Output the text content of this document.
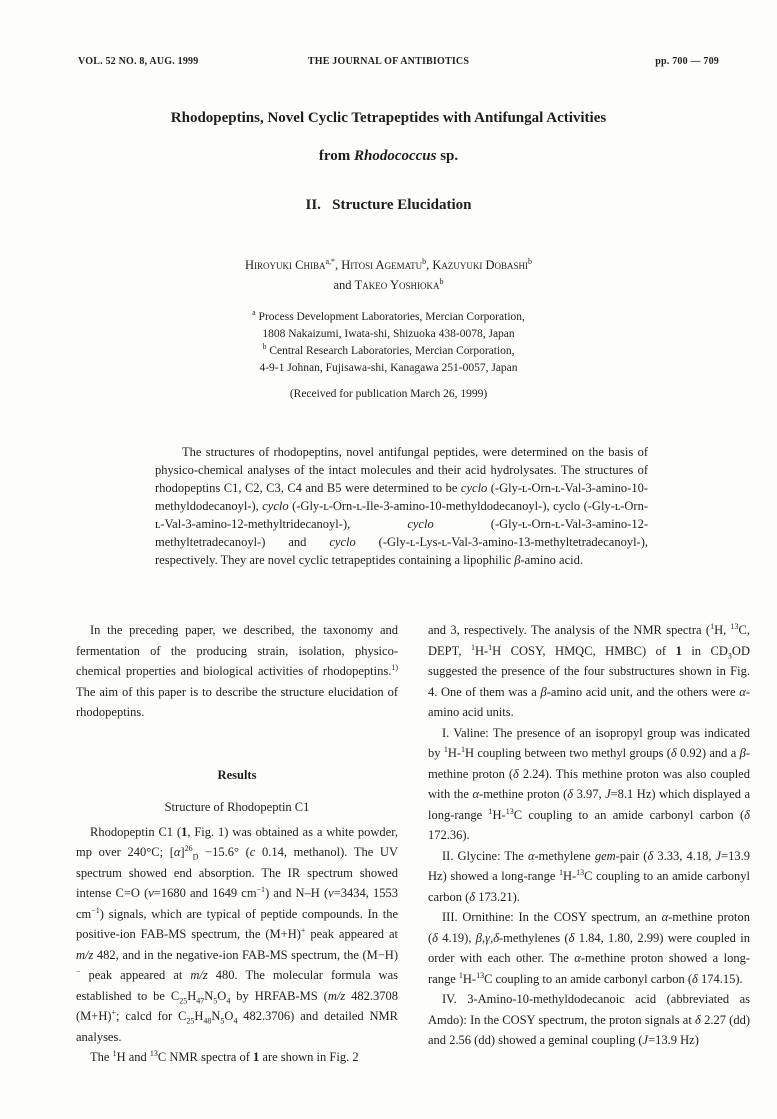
VOL. 52 NO. 8, AUG. 1999	THE JOURNAL OF ANTIBIOTICS	pp. 700 — 709
Rhodopeptins, Novel Cyclic Tetrapeptides with Antifungal Activities
from Rhodococcus sp.
II.   Structure Elucidation
Hiroyuki Chiba$^{a,*}$, Hitosi Agematu$^b$, Kazuyuki Dobashi$^b$
and Takeo Yoshioka$^b$
$^a$ Process Development Laboratories, Mercian Corporation,
1808 Nakaizumi, Iwata-shi, Shizuoka 438-0078, Japan
$^b$ Central Research Laboratories, Mercian Corporation,
4-9-1 Johnan, Fujisawa-shi, Kanagawa 251-0057, Japan
(Received for publication March 26, 1999)

The structures of rhodopeptins, novel antifungal peptides, were determined on the basis of physico-chemical analyses of the intact molecules and their acid hydrolysates. The structures of rhodopeptins C1, C2, C3, C4 and B5 were determined to be cyclo (-Gly-ʟ-Orn-ʟ-Val-3-amino-10-methyldodecanoyl-), cyclo (-Gly-ʟ-Orn-ʟ-Ile-3-amino-10-methyldodecanoyl-), cyclo (-Gly-ʟ-Orn-ʟ-Val-3-amino-12-methyltridecanoyl-), cyclo (-Gly-ʟ-Orn-ʟ-Val-3-amino-12-methyltetradecanoyl-) and cyclo (-Gly-ʟ-Lys-ʟ-Val-3-amino-13-methyltetradecanoyl-), respectively. They are novel cyclic tetrapeptides containing a lipophilic β-amino acid.

In the preceding paper, we described, the taxonomy and fermentation of the producing strain, isolation, physico-chemical properties and biological activities of rhodopeptins.$^{1)}$ The aim of this paper is to describe the structure elucidation of rhodopeptins.

Results

Structure of Rhodopeptin C1

Rhodopeptin C1 (1, Fig. 1) was obtained as a white powder, mp over 240°C; $[\alpha]^{26}_D -15.6^\circ$ (c 0.14, methanol). The UV spectrum showed end absorption. The IR spectrum showed intense C=O (ν=1680 and 1649 $cm^{-1}$) and N–H (ν=3434, 1553 $cm^{-1}$) signals, which are typical of peptide compounds. In the positive-ion FAB-MS spectrum, the (M+H)+ peak appeared at m/z 482, and in the negative-ion FAB-MS spectrum, the (M−H)− peak appeared at m/z 480. The molecular formula was established to be $C_{25}H_{47}N_5O_4$ by HRFAB-MS (m/z 482.3708 (M+H)+; calcd for $C_{25}H_{48}N_5O_4$ 482.3706) and detailed NMR analyses.

The $^1$H and $^{13}$C NMR spectra of 1 are shown in Fig. 2

and 3, respectively. The analysis of the NMR spectra ($^1$H, $^{13}$C, DEPT, $^1$H-$^1$H COSY, HMQC, HMBC) of 1 in $CD_3OD$ suggested the presence of the four substructures shown in Fig. 4. One of them was a β-amino acid unit, and the others were α-amino acid units.

I. Valine: The presence of an isopropyl group was indicated by $^1$H-$^1$H coupling between two methyl groups (δ 0.92) and a β-methine proton (δ 2.24). This methine proton was also coupled with the α-methine proton (δ 3.97, J=8.1 Hz) which displayed a long-range $^1$H-$^{13}$C coupling to an amide carbonyl carbon (δ 172.36).

II. Glycine: The α-methylene gem-pair (δ 3.33, 4.18, J=13.9 Hz) showed a long-range $^1$H-$^{13}$C coupling to an amide carbonyl carbon (δ 173.21).

III. Ornithine: In the COSY spectrum, an α-methine proton (δ 4.19), β,γ,δ-methylenes (δ 1.84, 1.80, 2.99) were coupled in order with each other. The α-methine proton showed a long-range $^1$H-$^{13}$C coupling to an amide carbonyl carbon (δ 174.15).

IV. 3-Amino-10-methyldodecanoic acid (abbreviated as Amdo): In the COSY spectrum, the proton signals at δ 2.27 (dd) and 2.56 (dd) showed a geminal coupling (J=13.9 Hz)
